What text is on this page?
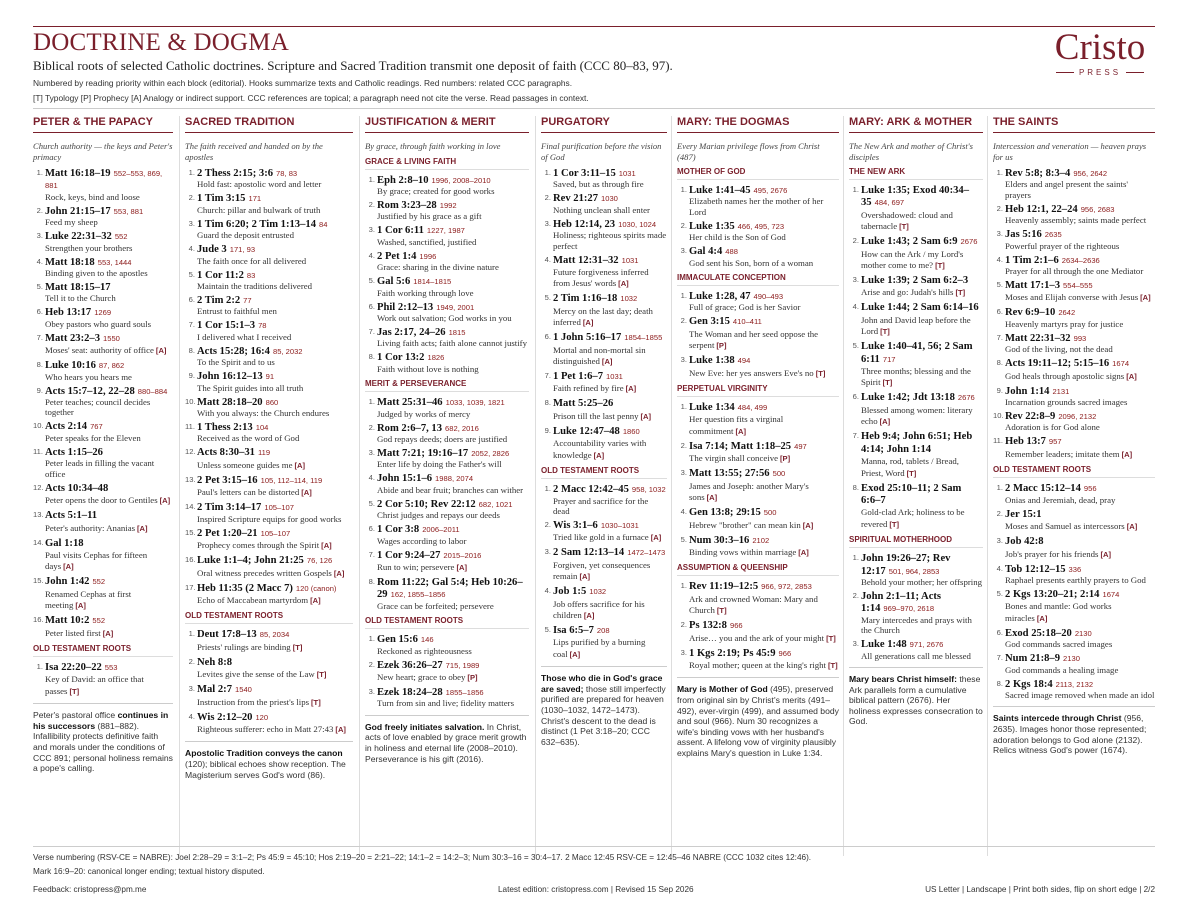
DOCTRINE & DOGMA
Biblical roots of selected Catholic doctrines. Scripture and Sacred Tradition transmit one deposit of faith (CCC 80–83, 97).
Numbered by reading priority within each block (editorial). Hooks summarize texts and Catholic readings. Red numbers: related CCC paragraphs.
[T] Typology [P] Prophecy [A] Analogy or indirect support. CCC references are topical; a paragraph need not cite the verse. Read passages in context.
Cristo
PRESS
PETER & THE PAPACY
Church authority — the keys and Peter's primacy
1. Matt 16:18–19 552–553, 869, 881
Rock, keys, bind and loose
2. John 21:15–17 553, 881
Feed my sheep
3. Luke 22:31–32 552
Strengthen your brothers
4. Matt 18:18 553, 1444
Binding given to the apostles
5. Matt 18:15–17
Tell it to the Church
6. Heb 13:17 1269
Obey pastors who guard souls
7. Matt 23:2–3 1550
Moses' seat: authority of office [A]
8. Luke 10:16 87, 862
Who hears you hears me
9. Acts 15:7–12, 22–28 880–884
Peter teaches; council decides together
10. Acts 2:14 767
Peter speaks for the Eleven
11. Acts 1:15–26
Peter leads in filling the vacant office
12. Acts 10:34–48
Peter opens the door to Gentiles [A]
13. Acts 5:1–11
Peter's authority: Ananias [A]
14. Gal 1:18
Paul visits Cephas for fifteen days [A]
15. John 1:42 552
Renamed Cephas at first meeting [A]
16. Matt 10:2 552
Peter listed first [A]
OLD TESTAMENT ROOTS
1. Isa 22:20–22 553
Key of David: an office that passes [T]
Peter's pastoral office continues in his successors (881–882). Infallibility protects definitive faith and morals under the conditions of CCC 891; personal holiness remains a pope's calling.
SACRED TRADITION
The faith received and handed on by the apostles
1. 2 Thess 2:15; 3:6 78, 83
Hold fast: apostolic word and letter
2. 1 Tim 3:15 171
Church: pillar and bulwark of truth
3. 1 Tim 6:20; 2 Tim 1:13–14 84
Guard the deposit entrusted
4. Jude 3 171, 93
The faith once for all delivered
5. 1 Cor 11:2 83
Maintain the traditions delivered
6. 2 Tim 2:2 77
Entrust to faithful men
7. 1 Cor 15:1–3 78
I delivered what I received
8. Acts 15:28; 16:4 85, 2032
To the Spirit and to us
9. John 16:12–13 91
The Spirit guides into all truth
10. Matt 28:18–20 860
With you always: the Church endures
11. 1 Thess 2:13 104
Received as the word of God
12. Acts 8:30–31 119
Unless someone guides me [A]
13. 2 Pet 3:15–16 105, 112–114, 119
Paul's letters can be distorted [A]
14. 2 Tim 3:14–17 105–107
Inspired Scripture equips for good works
15. 2 Pet 1:20–21 105–107
Prophecy comes through the Spirit [A]
16. Luke 1:1–4; John 21:25 76, 126
Oral witness precedes written Gospels [A]
17. Heb 11:35 (2 Macc 7) 120 (canon)
Echo of Maccabean martyrdom [A]
OLD TESTAMENT ROOTS
1. Deut 17:8–13 85, 2034
Priests' rulings are binding [T]
2. Neh 8:8
Levites give the sense of the Law [T]
3. Mal 2:7 1540
Instruction from the priest's lips [T]
4. Wis 2:12–20 120
Righteous sufferer: echo in Matt 27:43 [A]
Apostolic Tradition conveys the canon (120); biblical echoes show reception. The Magisterium serves God's word (86).
JUSTIFICATION & MERIT
By grace, through faith working in love
GRACE & LIVING FAITH
1. Eph 2:8–10 1996, 2008–2010
By grace; created for good works
2. Rom 3:23–28 1992
Justified by his grace as a gift
3. 1 Cor 6:11 1227, 1987
Washed, sanctified, justified
4. 2 Pet 1:4 1996
Grace: sharing in the divine nature
5. Gal 5:6 1814–1815
Faith working through love
6. Phil 2:12–13 1949, 2001
Work out salvation; God works in you
7. Jas 2:17, 24–26 1815
Living faith acts; faith alone cannot justify
8. 1 Cor 13:2 1826
Faith without love is nothing
MERIT & PERSEVERANCE
1. Matt 25:31–46 1033, 1039, 1821
Judged by works of mercy
2. Rom 2:6–7, 13 682, 2016
God repays deeds; doers are justified
3. Matt 7:21; 19:16–17 2052, 2826
Enter life by doing the Father's will
4. John 15:1–6 1988, 2074
Abide and bear fruit; branches can wither
5. 2 Cor 5:10; Rev 22:12 682, 1021
Christ judges and repays our deeds
6. 1 Cor 3:8 2006–2011
Wages according to labor
7. 1 Cor 9:24–27 2015–2016
Run to win; persevere [A]
8. Rom 11:22; Gal 5:4; Heb 10:26–29 162, 1855–1856
Grace can be forfeited; persevere
OLD TESTAMENT ROOTS
1. Gen 15:6 146
Reckoned as righteousness
2. Ezek 36:26–27 715, 1989
New heart; grace to obey [P]
3. Ezek 18:24–28 1855–1856
Turn from sin and live; fidelity matters
God freely initiates salvation. In Christ, acts of love enabled by grace merit growth in holiness and eternal life (2008–2010). Perseverance is his gift (2016).
PURGATORY
Final purification before the vision of God
1. 1 Cor 3:11–15 1031
Saved, but as through fire
2. Rev 21:27 1030
Nothing unclean shall enter
3. Heb 12:14, 23 1030, 1024
Holiness; righteous spirits made perfect
4. Matt 12:31–32 1031
Future forgiveness inferred from Jesus' words [A]
5. 2 Tim 1:16–18 1032
Mercy on the last day; death inferred [A]
6. 1 John 5:16–17 1854–1855
Mortal and non-mortal sin distinguished [A]
7. 1 Pet 1:6–7 1031
Faith refined by fire [A]
8. Matt 5:25–26
Prison till the last penny [A]
9. Luke 12:47–48 1860
Accountability varies with knowledge [A]
OLD TESTAMENT ROOTS
1. 2 Macc 12:42–45 958, 1032
Prayer and sacrifice for the dead
2. Wis 3:1–6 1030–1031
Tried like gold in a furnace [A]
3. 2 Sam 12:13–14 1472–1473
Forgiven, yet consequences remain [A]
4. Job 1:5 1032
Job offers sacrifice for his children [A]
5. Isa 6:5–7 208
Lips purified by a burning coal [A]
Those who die in God's grace are saved; those still imperfectly purified are prepared for heaven (1030–1032, 1472–1473). Christ's descent to the dead is distinct (1 Pet 3:18–20; CCC 632–635).
MARY: THE DOGMAS
Every Marian privilege flows from Christ (487)
MOTHER OF GOD
1. Luke 1:41–45 495, 2676
Elizabeth names her the mother of her Lord
2. Luke 1:35 466, 495, 723
Her child is the Son of God
3. Gal 4:4 488
God sent his Son, born of a woman
IMMACULATE CONCEPTION
1. Luke 1:28, 47 490–493
Full of grace; God is her Savior
2. Gen 3:15 410–411
The Woman and her seed oppose the serpent [P]
3. Luke 1:38 494
New Eve: her yes answers Eve's no [T]
PERPETUAL VIRGINITY
1. Luke 1:34 484, 499
Her question fits a virginal commitment [A]
2. Isa 7:14; Matt 1:18–25 497
The virgin shall conceive [P]
3. Matt 13:55; 27:56 500
James and Joseph: another Mary's sons [A]
4. Gen 13:8; 29:15 500
Hebrew "brother" can mean kin [A]
5. Num 30:3–16 2102
Binding vows within marriage [A]
ASSUMPTION & QUEENSHIP
1. Rev 11:19–12:5 966, 972, 2853
Ark and crowned Woman: Mary and Church [T]
2. Ps 132:8 966
Arise… you and the ark of your might [T]
3. 1 Kgs 2:19; Ps 45:9 966
Royal mother; queen at the king's right [T]
Mary is Mother of God (495), preserved from original sin by Christ's merits (491–492), ever-virgin (499), and assumed body and soul (966). Num 30 recognizes a wife's binding vows with her husband's assent. A lifelong vow of virginity plausibly explains Mary's question in Luke 1:34.
MARY: ARK & MOTHER
The New Ark and mother of Christ's disciples
THE NEW ARK
1. Luke 1:35; Exod 40:34–35 484, 697
Overshadowed: cloud and tabernacle [T]
2. Luke 1:43; 2 Sam 6:9 2676
How can the Ark / my Lord's mother come to me? [T]
3. Luke 1:39; 2 Sam 6:2–3
Arise and go: Judah's hills [T]
4. Luke 1:44; 2 Sam 6:14–16
John and David leap before the Lord [T]
5. Luke 1:40–41, 56; 2 Sam 6:11 717
Three months; blessing and the Spirit [T]
6. Luke 1:42; Jdt 13:18 2676
Blessed among women: literary echo [A]
7. Heb 9:4; John 6:51; Heb 4:14; John 1:14
Manna, rod, tablets / Bread, Priest, Word [T]
8. Exod 25:10–11; 2 Sam 6:6–7
Gold-clad Ark; holiness to be revered [T]
SPIRITUAL MOTHERHOOD
1. John 19:26–27; Rev 12:17 501, 964, 2853
Behold your mother; her offspring
2. John 2:1–11; Acts 1:14 969–970, 2618
Mary intercedes and prays with the Church
3. Luke 1:48 971, 2676
All generations call me blessed
Mary bears Christ himself: these Ark parallels form a cumulative biblical pattern (2676). Her holiness expresses consecration to God.
THE SAINTS
Intercession and veneration — heaven prays for us
1. Rev 5:8; 8:3–4 956, 2642
Elders and angel present the saints' prayers
2. Heb 12:1, 22–24 956, 2683
Heavenly assembly; saints made perfect
3. Jas 5:16 2635
Powerful prayer of the righteous
4. 1 Tim 2:1–6 2634–2636
Prayer for all through the one Mediator
5. Matt 17:1–3 554–555
Moses and Elijah converse with Jesus [A]
6. Rev 6:9–10 2642
Heavenly martyrs pray for justice
7. Matt 22:31–32 993
God of the living, not the dead
8. Acts 19:11–12; 5:15–16 1674
God heals through apostolic signs [A]
9. John 1:14 2131
Incarnation grounds sacred images
10. Rev 22:8–9 2096, 2132
Adoration is for God alone
11. Heb 13:7 957
Remember leaders; imitate them [A]
OLD TESTAMENT ROOTS
1. 2 Macc 15:12–14 956
Onias and Jeremiah, dead, pray
2. Jer 15:1
Moses and Samuel as intercessors [A]
3. Job 42:8
Job's prayer for his friends [A]
4. Tob 12:12–15 336
Raphael presents earthly prayers to God
5. 2 Kgs 13:20–21; 2:14 1674
Bones and mantle: God works miracles [A]
6. Exod 25:18–20 2130
God commands sacred images
7. Num 21:8–9 2130
God commands a healing image
8. 2 Kgs 18:4 2113, 2132
Sacred image removed when made an idol
Saints intercede through Christ (956, 2635). Images honor those represented; adoration belongs to God alone (2132). Relics witness God's power (1674).
Verse numbering (RSV-CE = NABRE): Joel 2:28–29 = 3:1–2; Ps 45:9 = 45:10; Hos 2:19–20 = 2:21–22; 14:1–2 = 14:2–3; Num 30:3–16 = 30:4–17. 2 Macc 12:45 RSV-CE = 12:45–46 NABRE (CCC 1032 cites 12:46).
Mark 16:9–20: canonical longer ending; textual history disputed.
Feedback: cristopress@pm.me	Latest edition: cristopress.com | Revised 15 Sep 2026	US Letter | Landscape | Print both sides, flip on short edge | 2/2
